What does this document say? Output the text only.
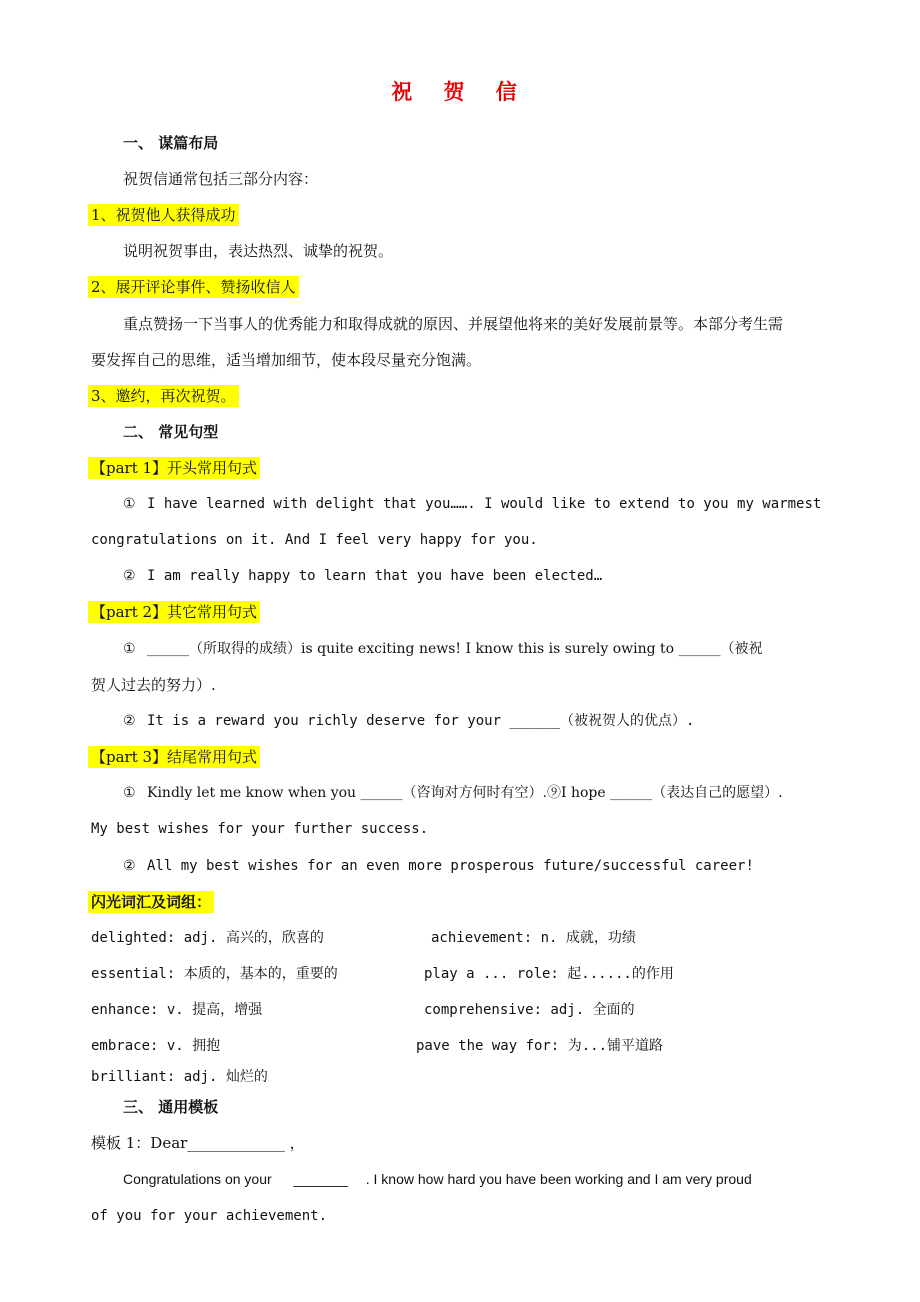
祝 贺 信
一、 谋篇布局
祝贺信通常包括三部分内容：
1、祝贺他人获得成功
说明祝贺事由，表达热烈、诚挚的祝贺。
2、展开评论事件、赞扬收信人
重点赞扬一下当事人的优秀能力和取得成就的原因、并展望他将来的美好发展前景等。本部分考生需
要发挥自己的思维，适当增加细节，使本段尽量充分饱满。
3、邀约，再次祝贺。
二、 常见句型
【part 1】开头常用句式
① I have learned with delight that you……. I would like to extend to you my warmest
congratulations on it. And I feel very happy for you.
② I am really happy to learn that you have been elected…
【part 2】其它常用句式
① ______（所取得的成绩）is quite exciting news! I know this is surely owing to ______（被祝
贺人过去的努力）.
② It is a reward you richly deserve for your ______（被祝贺人的优点）.
【part 3】结尾常用句式
① Kindly let me know when you ______（咨询对方何时有空）.⑨I hope ______（表达自己的愿望）.
My best wishes for your further success.
② All my best wishes for an even more prosperous future/successful career!
闪光词汇及词组：
delighted: adj. 高兴的，欣喜的	achievement: n. 成就，功绩
essential: 本质的，基本的，重要的	play a ... role: 起......的作用
enhance: v. 提高，增强	comprehensive: adj. 全面的
embrace: v. 拥抱	pave the way for: 为...铺平道路
brilliant: adj. 灿烂的
三、 通用模板
模板 1：Dear_____________ ，
Congratulations on your _______ . I know how hard you have been working and I am very proud
of you for your achievement.
